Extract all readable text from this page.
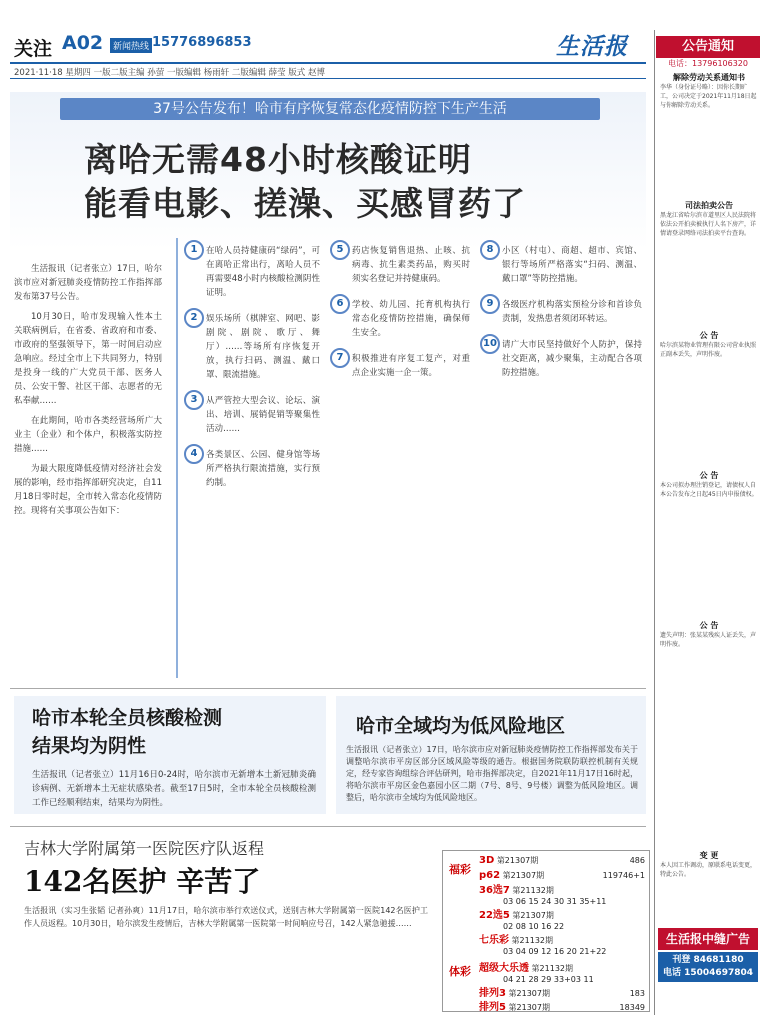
关注 A02	新闻热线 15776896853	生活报
2021·11·18 星期四 一版二版主编 孙萤 一版编辑 杨雨轩 二版编辑 薛莹 版式 赵博
37号公告发布！哈市有序恢复常态化疫情防控下生产生活
离哈无需48小时核酸证明
能看电影、搓澡、买感冒药了

生活报讯（记者张立）17日，哈尔滨市应对新冠肺炎疫情防控工作指挥部发布第37号公告。

10月30日，哈市发现输入性本土关联病例后，在省委、省政府和市委、市政府的坚强领导下，第一时间启动应急响应。经过全市上下共同努力，特别是投身一线的广大党员干部、医务人员、公安干警、社区干部、志愿者的无私奉献……

在此期间，哈市各类经营场所广大业主（企业）和个体户，积极落实防控措施……

为最大限度降低疫情对经济社会发展的影响，经市指挥部研究决定，自11月18日零时起，全市转入常态化疫情防控。现将有关事项公告如下：

1	在哈人员持健康码“绿码”，可在离哈正常出行，离哈人员不再需要48小时内核酸检测阴性证明。
2	娱乐场所（棋牌室、网吧、影剧院、剧院、歌厅、舞厅）……等场所有序恢复开放，执行扫码、测温、戴口罩、限流措施。
3	从严管控大型会议、论坛、演出、培训、展销促销等聚集性活动……
4	各类景区、公园、健身馆等场所严格执行限流措施，实行预约制。
5	药店恢复销售退热、止咳、抗病毒、抗生素类药品，购买时须实名登记并持健康码。
6	学校、幼儿园、托育机构执行常态化疫情防控措施，确保师生安全。
7	积极推进有序复工复产，对重点企业实施一企一策。
8	小区（村屯）、商超、超市、宾馆、银行等场所严格落实“扫码、测温、戴口罩”等防控措施。
9	各级医疗机构落实预检分诊和首诊负责制，发热患者须闭环转运。
10 请广大市民坚持做好个人防护，保持社交距离，减少聚集，主动配合各项防控措施。
哈市本轮全员核酸检测
结果均为阴性
生活报讯（记者张立）11月16日0-24时，哈尔滨市无新增本土新冠肺炎确诊病例、无新增本土无症状感染者。截至17日5时，全市本轮全员核酸检测工作已经顺利结束，结果均为阴性。
哈市全域均为低风险地区
生活报讯（记者张立）17日，哈尔滨市应对新冠肺炎疫情防控工作指挥部发布关于调整哈尔滨市平房区部分区域风险等级的通告。根据国务院联防联控机制有关规定，经专家咨询组综合评估研判，哈市指挥部决定，自2021年11月17日16时起，将哈尔滨市平房区金色嘉园小区二期（7号、8号、9号楼）调整为低风险地区。调整后，哈尔滨市全域均为低风险地区。
吉林大学附属第一医院医疗队返程
142名医护 辛苦了
生活报讯（实习生张韬 记者孙爽）11月17日，哈尔滨市举行欢送仪式，送别吉林大学附属第一医院142名医护工作人员返程。10月30日，哈尔滨发生疫情后，吉林大学附属第一医院第一时间响应号召，142人紧急驰援……
福彩
体彩
3D 第21307期	486
p62 第21307期	119746+1
36选7 第21132期
03 06 15 24 30 31 35+11
22选5 第21307期
02 08 10 16 22
七乐彩 第21132期
03 04 09 12 16 20 21+22
超级大乐透 第21132期
04 21 28 29 33+03 11
排列3 第21307期	183
排列5 第21307期	18349
公告通知
电话：13796106320
解除劳动关系通知书
李华（身份证号略）：因你长期旷工，公司决定于2021年11月18日起与你解除劳动关系。
司法拍卖公告
黑龙江省哈尔滨市道里区人民法院将依法公开拍卖被执行人名下房产，详情请登录网络司法拍卖平台查询。
公 告
哈尔滨某物业管理有限公司营业执照正副本丢失，声明作废。
公 告
本公司拟办理注销登记，请债权人自本公告发布之日起45日内申报债权。
公 告
遗失声明：张某某残疾人证丢失，声明作废。
变 更
本人因工作调动，原联系电话变更，特此公告。
生活报中缝广告
刊登 84681180
电话 15004697804
